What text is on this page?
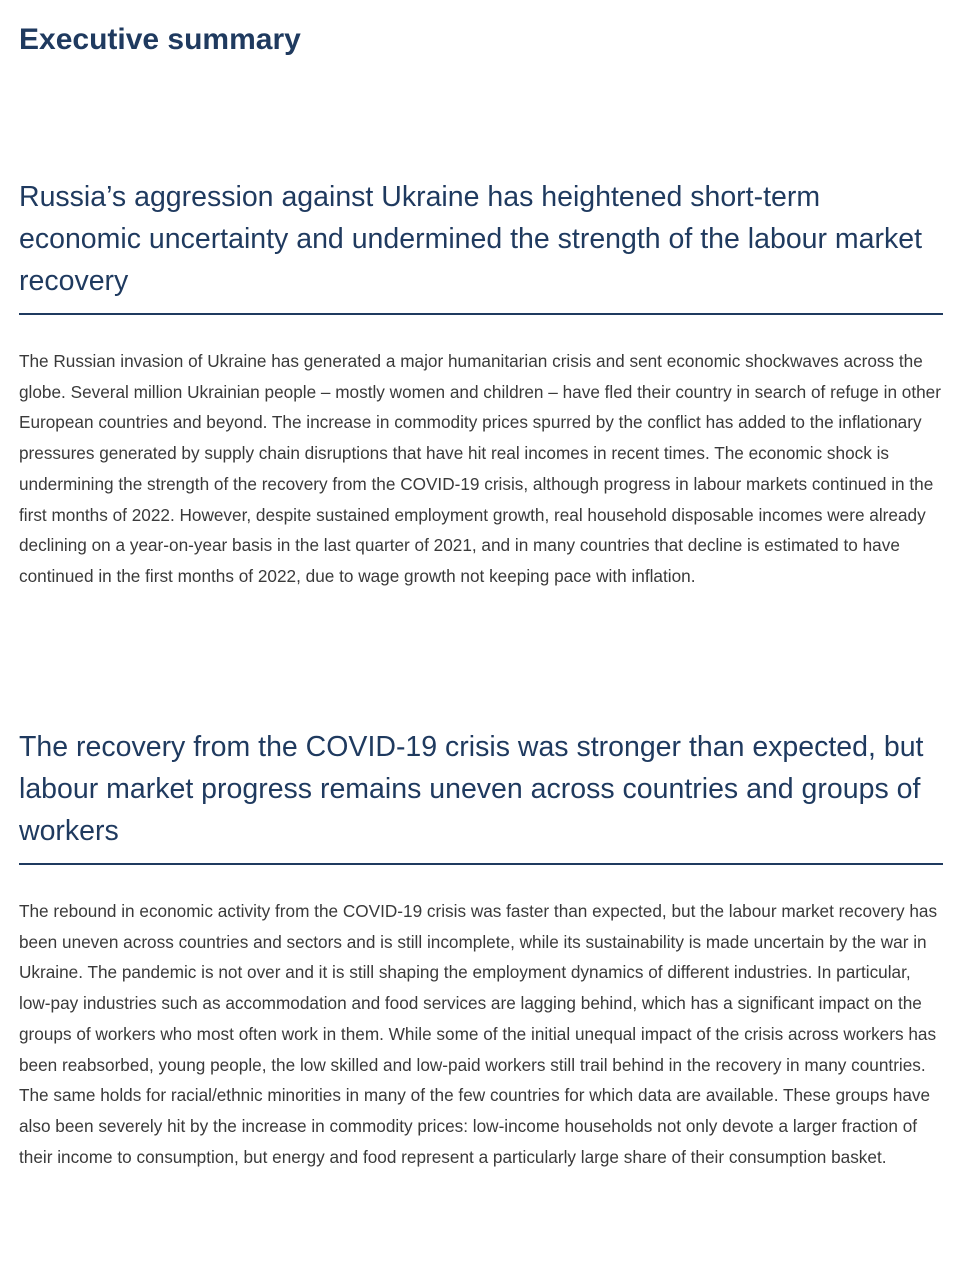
Executive summary
Russia’s aggression against Ukraine has heightened short-term economic uncertainty and undermined the strength of the labour market recovery

The Russian invasion of Ukraine has generated a major humanitarian crisis and sent economic shockwaves across the globe. Several million Ukrainian people – mostly women and children – have fled their country in search of refuge in other European countries and beyond. The increase in commodity prices spurred by the conflict has added to the inflationary pressures generated by supply chain disruptions that have hit real incomes in recent times. The economic shock is undermining the strength of the recovery from the COVID-19 crisis, although progress in labour markets continued in the first months of 2022. However, despite sustained employment growth, real household disposable incomes were already declining on a year-on-year basis in the last quarter of 2021, and in many countries that decline is estimated to have continued in the first months of 2022, due to wage growth not keeping pace with inflation.

The recovery from the COVID-19 crisis was stronger than expected, but labour market progress remains uneven across countries and groups of workers

The rebound in economic activity from the COVID-19 crisis was faster than expected, but the labour market recovery has been uneven across countries and sectors and is still incomplete, while its sustainability is made uncertain by the war in Ukraine. The pandemic is not over and it is still shaping the employment dynamics of different industries. In particular, low-pay industries such as accommodation and food services are lagging behind, which has a significant impact on the groups of workers who most often work in them. While some of the initial unequal impact of the crisis across workers has been reabsorbed, young people, the low skilled and low-paid workers still trail behind in the recovery in many countries. The same holds for racial/ethnic minorities in many of the few countries for which data are available. These groups have also been severely hit by the increase in commodity prices: low-income households not only devote a larger fraction of their income to consumption, but energy and food represent a particularly large share of their consumption basket.
